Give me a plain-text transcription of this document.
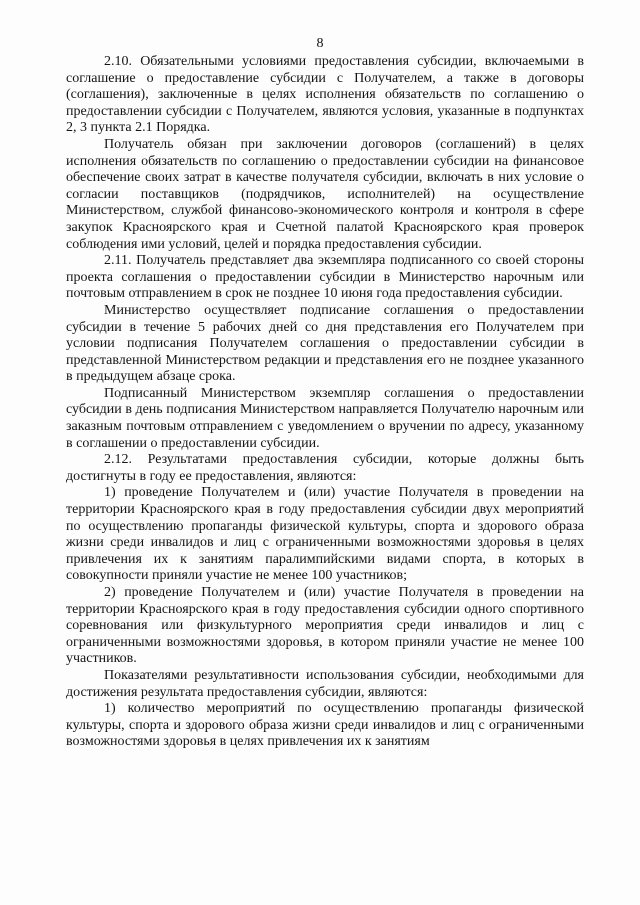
8

2.10. Обязательными условиями предоставления субсидии, включаемыми в соглашение о предоставление субсидии с Получателем, а также в договоры (соглашения), заключенные в целях исполнения обязательств по соглашению о предоставлении субсидии с Получателем, являются условия, указанные в подпунктах 2, 3 пункта 2.1 Порядка.

Получатель обязан при заключении договоров (соглашений) в целях исполнения обязательств по соглашению о предоставлении субсидии на финансовое обеспечение своих затрат в качестве получателя субсидии, включать в них условие о согласии поставщиков (подрядчиков, исполнителей) на осуществление Министерством, службой финансово-экономического контроля и контроля в сфере закупок Красноярского края и Счетной палатой Красноярского края проверок соблюдения ими условий, целей и порядка предоставления субсидии.

2.11. Получатель представляет два экземпляра подписанного со своей стороны проекта соглашения о предоставлении субсидии в Министерство нарочным или почтовым отправлением в срок не позднее 10 июня года предоставления субсидии.

Министерство осуществляет подписание соглашения о предоставлении субсидии в течение 5 рабочих дней со дня представления его Получателем при условии подписания Получателем соглашения о предоставлении субсидии в представленной Министерством редакции и представления его не позднее указанного в предыдущем абзаце срока.

Подписанный Министерством экземпляр соглашения о предоставлении субсидии в день подписания Министерством направляется Получателю нарочным или заказным почтовым отправлением с уведомлением о вручении по адресу, указанному в соглашении о предоставлении субсидии.

2.12. Результатами предоставления субсидии, которые должны быть достигнуты в году ее предоставления, являются:

1) проведение Получателем и (или) участие Получателя в проведении на территории Красноярского края в году предоставления субсидии двух мероприятий по осуществлению пропаганды физической культуры, спорта и здорового образа жизни среди инвалидов и лиц с ограниченными возможностями здоровья в целях привлечения их к занятиям паралимпийскими видами спорта, в которых в совокупности приняли участие не менее 100 участников;

2) проведение Получателем и (или) участие Получателя в проведении на территории Красноярского края в году предоставления субсидии одного спортивного соревнования или физкультурного мероприятия среди инвалидов и лиц с ограниченными возможностями здоровья, в котором приняли участие не менее 100 участников.

Показателями результативности использования субсидии, необходимыми для достижения результата предоставления субсидии, являются:

1) количество мероприятий по осуществлению пропаганды физической культуры, спорта и здорового образа жизни среди инвалидов и лиц с ограниченными возможностями здоровья в целях привлечения их к занятиям
